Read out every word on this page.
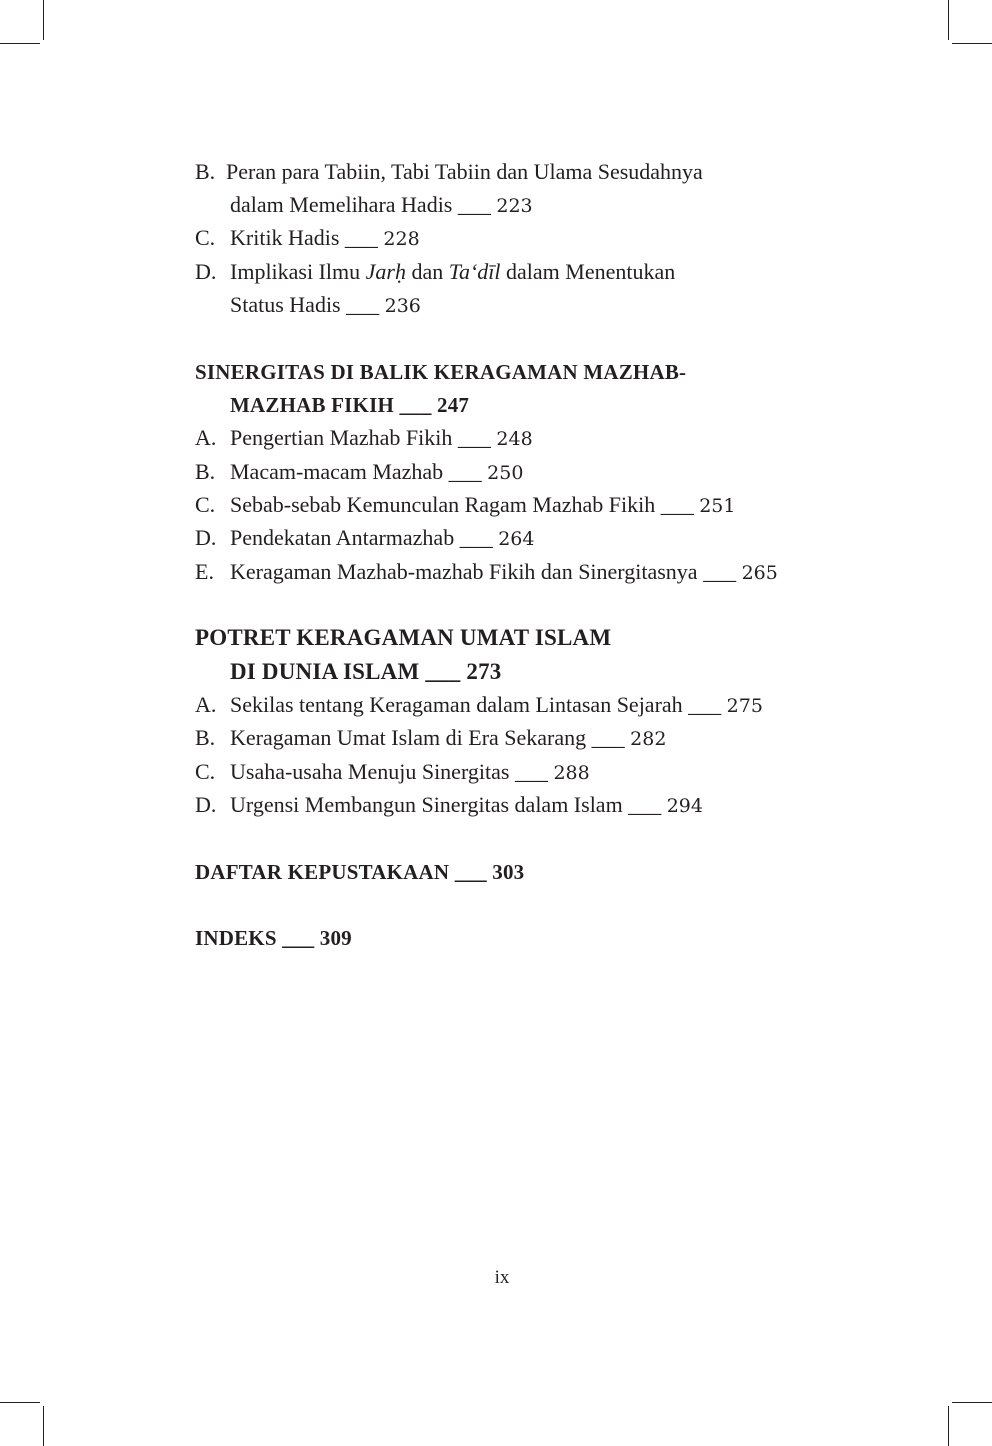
B. Peran para Tabiin, Tabi Tabiin dan Ulama Sesudahnya
dalam Memelihara Hadis ___ 223
C. Kritik Hadis ___ 228
D. Implikasi Ilmu Jarḥ dan Ta‘dīl dalam Menentukan
Status Hadis ___ 236
SINERGITAS DI BALIK KERAGAMAN MAZHAB-
MAZHAB FIKIH ___ 247
A. Pengertian Mazhab Fikih ___ 248
B. Macam-macam Mazhab ___ 250
C. Sebab-sebab Kemunculan Ragam Mazhab Fikih ___ 251
D. Pendekatan Antarmazhab ___ 264
E. Keragaman Mazhab-mazhab Fikih dan Sinergitasnya ___ 265
POTRET KERAGAMAN UMAT ISLAM
DI DUNIA ISLAM ___ 273
A. Sekilas tentang Keragaman dalam Lintasan Sejarah ___ 275
B. Keragaman Umat Islam di Era Sekarang ___ 282
C. Usaha-usaha Menuju Sinergitas ___ 288
D. Urgensi Membangun Sinergitas dalam Islam ___ 294
DAFTAR KEPUSTAKAAN ___ 303
INDEKS ___ 309
ix
